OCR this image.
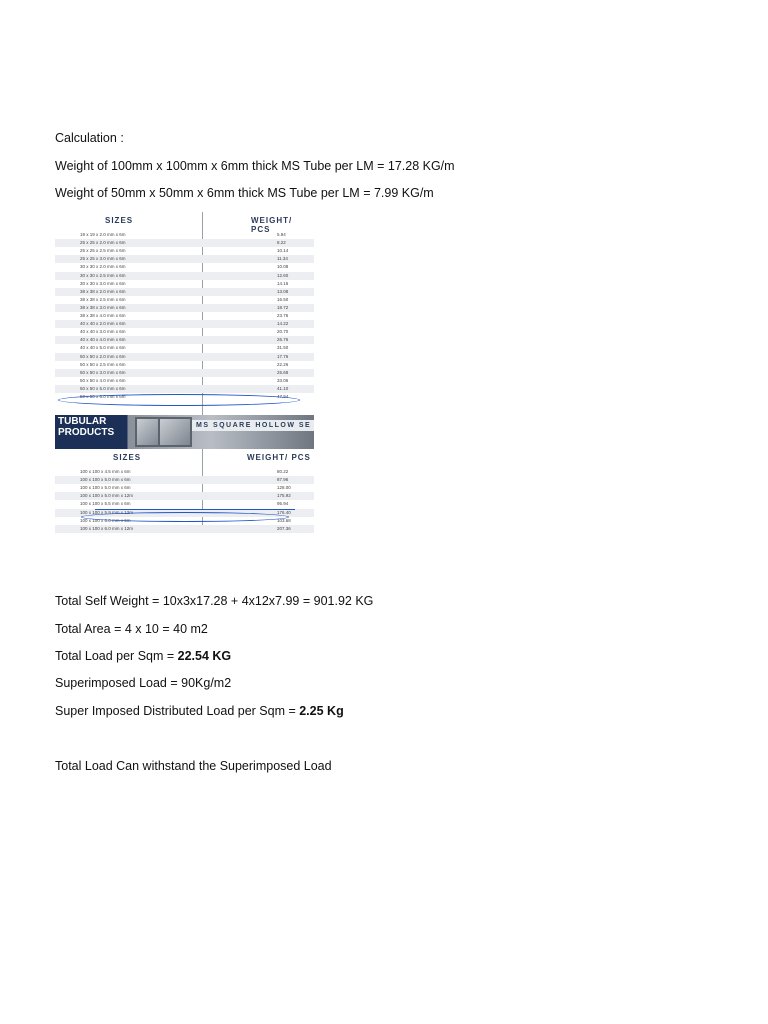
Calculation :
Weight of 100mm x 100mm x 6mm thick MS Tube per LM = 17.28 KG/m
Weight of 50mm x 50mm x 6mm thick MS Tube per LM = 7.99 KG/m
SIZES	WEIGHT/ PCS
19 x 19 x 2.0 mm x 6m	5.94
25 x 25 x 2.0 mm x 6m	8.22
25 x 25 x 2.5 mm x 6m	10.14
25 x 25 x 3.0 mm x 6m	11.34
30 x 30 x 2.0 mm x 6m	10.08
30 x 30 x 2.5 mm x 6m	12.60
30 x 30 x 3.0 mm x 6m	14.16
38 x 38 x 2.0 mm x 6m	13.08
38 x 38 x 2.5 mm x 6m	16.50
38 x 38 x 3.0 mm x 6m	18.72
38 x 38 x 4.0 mm x 6m	23.76
40 x 40 x 2.0 mm x 6m	14.22
40 x 40 x 3.0 mm x 6m	20.70
40 x 40 x 4.0 mm x 6m	26.76
40 x 40 x 5.0 mm x 6m	31.50
50 x 50 x 2.0 mm x 6m	17.76
50 x 50 x 2.5 mm x 6m	22.26
50 x 50 x 3.0 mm x 6m	25.68
50 x 50 x 4.0 mm x 6m	33.06
50 x 50 x 5.0 mm x 6m	41.10
50 x 50 x 6.0 mm x 6m	47.94
TUBULAR
PRODUCTS
MS SQUARE HOLLOW SE
SIZES	WEIGHT/ PCS
100 x 100 x 4.5 mm x 6m	80.22
100 x 100 x 5.0 mm x 6m	87.96
100 x 100 x 5.0 mm x 6m	128.00
100 x 100 x 5.0 mm x 12m	175.92
100 x 100 x 5.5 mm x 6m	95.94
100 x 100 x 5.9 mm x 12m	176.40
100 x 100 x 6.0 mm x 6m	103.68
100 x 100 x 6.0 mm x 12m	207.36
Total Self Weight = 10x3x17.28 + 4x12x7.99 = 901.92 KG
Total Area = 4 x 10 = 40 m2
Total Load per Sqm = 22.54 KG
Superimposed Load = 90Kg/m2
Super Imposed Distributed Load per Sqm = 2.25 Kg
Total Load Can withstand the Superimposed Load
